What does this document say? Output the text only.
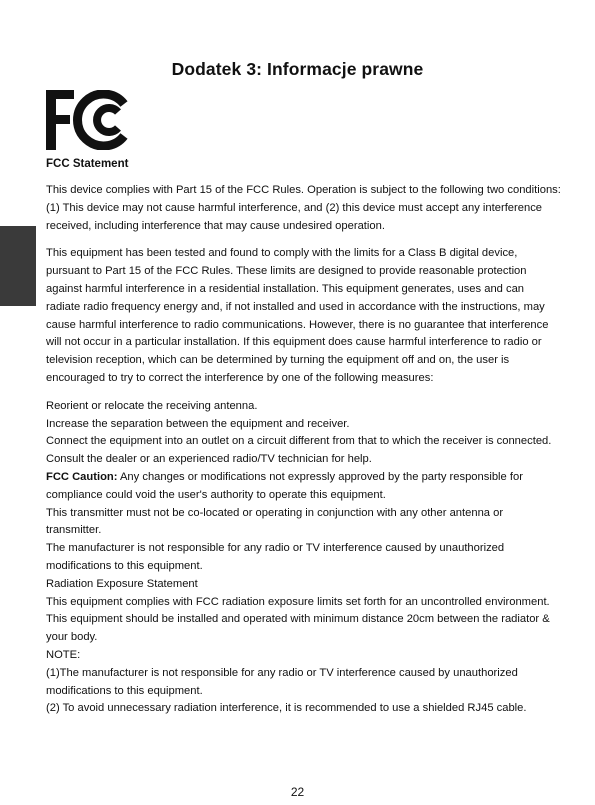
Dodatek 3: Informacje prawne
FCC Statement

This device complies with Part 15 of the FCC Rules. Operation is subject to the following two conditions: (1) This device may not cause harmful interference, and (2) this device must accept any interference received, including interference that may cause undesired operation.

This equipment has been tested and found to comply with the limits for a Class B digital device, pursuant to Part 15 of the FCC Rules. These limits are designed to provide reasonable protection against harmful interference in a residential installation. This equipment generates, uses and can radiate radio frequency energy and, if not installed and used in accordance with the instructions, may cause harmful interference to radio communications. However, there is no guarantee that interference will not occur in a particular installation. If this equipment does cause harmful interference to radio or television reception, which can be determined by turning the equipment off and on, the user is encouraged to try to correct the interference by one of the following measures:

Reorient or relocate the receiving antenna.

Increase the separation between the equipment and receiver.

Connect the equipment into an outlet on a circuit different from that to which the receiver is connected.

Consult the dealer or an experienced radio/TV technician for help.

FCC Caution: Any changes or modifications not expressly approved by the party responsible for compliance could void the user's authority to operate this equipment.

This transmitter must not be co-located or operating in conjunction with any other antenna or transmitter.

The manufacturer is not responsible for any radio or TV interference caused by unauthorized modifications to this equipment.

Radiation Exposure Statement

This equipment complies with FCC radiation exposure limits set forth for an uncontrolled environment. This equipment should be installed and operated with minimum distance 20cm between the radiator & your body.

NOTE:

(1)The manufacturer is not responsible for any radio or TV interference caused by unauthorized modifications to this equipment.

(2) To avoid unnecessary radiation interference, it is recommended to use a shielded RJ45 cable.

22
